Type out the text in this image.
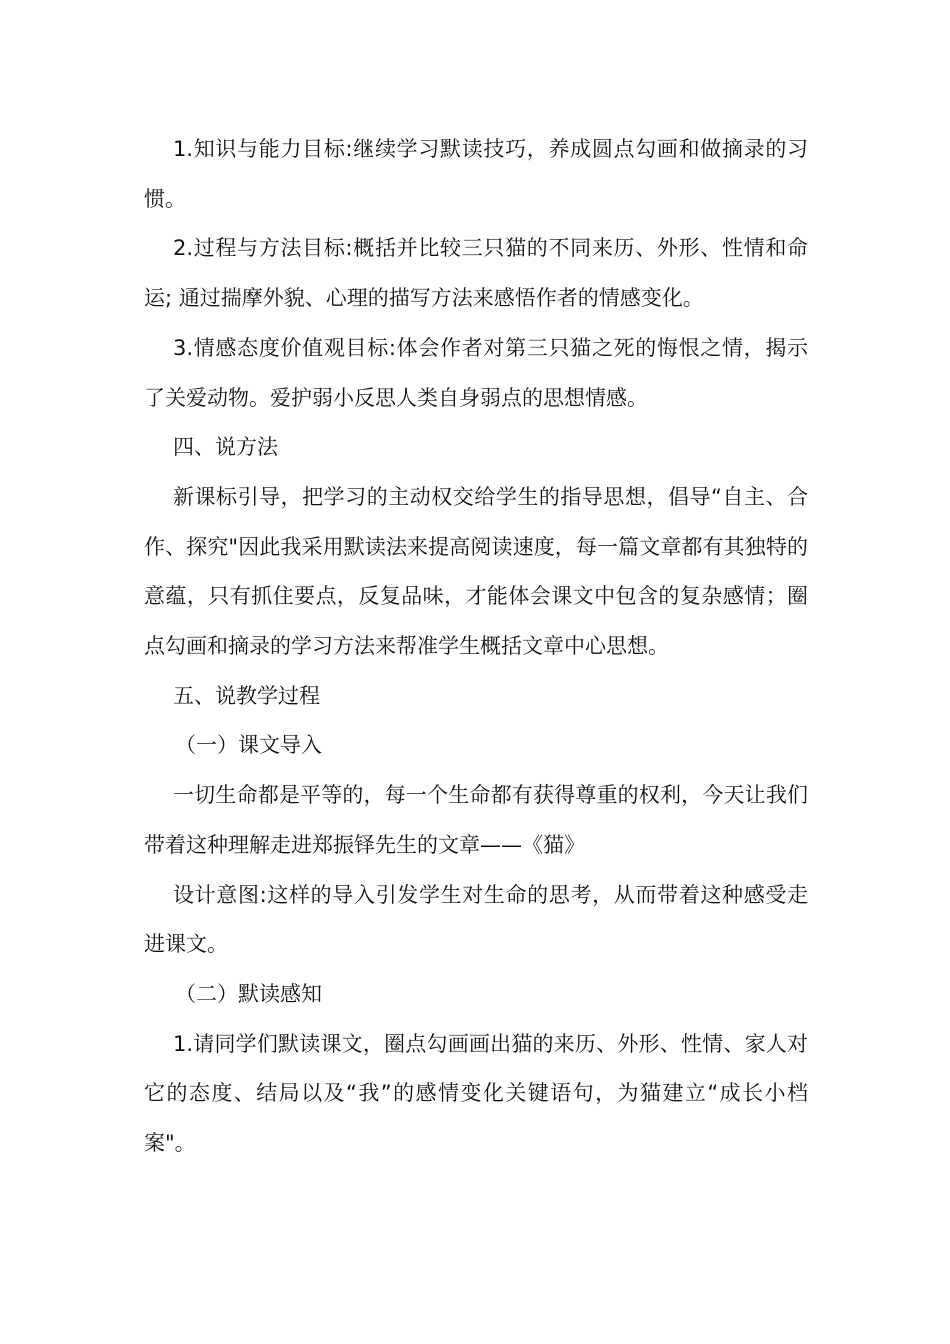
1.知识与能力目标:继续学习默读技巧，养成圆点勾画和做摘录的习惯。

2.过程与方法目标:概括并比较三只猫的不同来历、外形、性情和命运; 通过揣摩外貌、心理的描写方法来感悟作者的情感变化。

3.情感态度价值观目标:体会作者对第三只猫之死的悔恨之情，揭示了关爱动物。爱护弱小反思人类自身弱点的思想情感。

四、说方法

新课标引导，把学习的主动权交给学生的指导思想，倡导“自主、合作、探究"因此我采用默读法来提高阅读速度，每一篇文章都有其独特的意蕴，只有抓住要点，反复品味，才能体会课文中包含的复杂感情；圈点勾画和摘录的学习方法来帮准学生概括文章中心思想。

五、说教学过程

（一）课文导入

一切生命都是平等的，每一个生命都有获得尊重的权利，今天让我们带着这种理解走进郑振铎先生的文章——《猫》

设计意图:这样的导入引发学生对生命的思考，从而带着这种感受走进课文。

（二）默读感知

1.请同学们默读课文，圈点勾画画出猫的来历、外形、性情、家人对它的态度、结局以及“我”的感情变化关键语句，为猫建立“成长小档案"。
